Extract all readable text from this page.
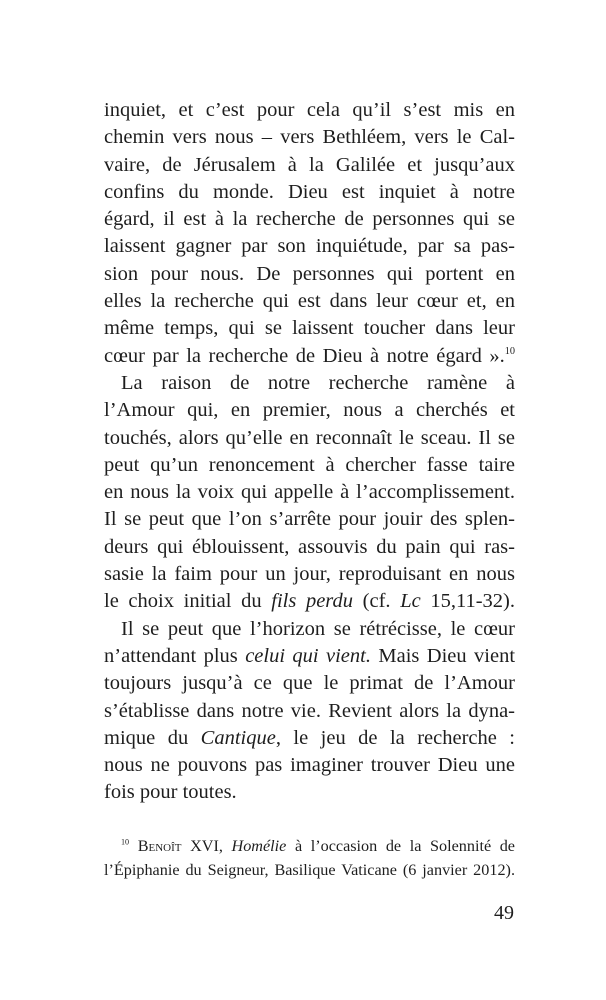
inquiet, et c’est pour cela qu’il s’est mis en
chemin vers nous – vers Bethléem, vers le Cal-
vaire, de Jérusalem à la Galilée et jusqu’aux
confins du monde. Dieu est inquiet à notre
égard, il est à la recherche de personnes qui se
laissent gagner par son inquiétude, par sa pas-
sion pour nous. De personnes qui portent en
elles la recherche qui est dans leur cœur et, en
même temps, qui se laissent toucher dans leur
cœur par la recherche de Dieu à notre égard ».$^{10}$
La raison de notre recherche ramène à
l’Amour qui, en premier, nous a cherchés et
touchés, alors qu’elle en reconnaît le sceau. Il se
peut qu’un renoncement à chercher fasse taire
en nous la voix qui appelle à l’accomplissement.
Il se peut que l’on s’arrête pour jouir des splen-
deurs qui éblouissent, assouvis du pain qui ras-
sasie la faim pour un jour, reproduisant en nous
le choix initial du fils perdu (cf. Lc 15,11-32).
Il se peut que l’horizon se rétrécisse, le cœur
n’attendant plus celui qui vient. Mais Dieu vient
toujours jusqu’à ce que le primat de l’Amour
s’établisse dans notre vie. Revient alors la dyna-
mique du Cantique, le jeu de la recherche :
nous ne pouvons pas imaginer trouver Dieu une
fois pour toutes.
$^{10}$ Benoît XVI, Homélie à l’occasion de la Solennité de
l’Épiphanie du Seigneur, Basilique Vaticane (6 janvier 2012).
49
